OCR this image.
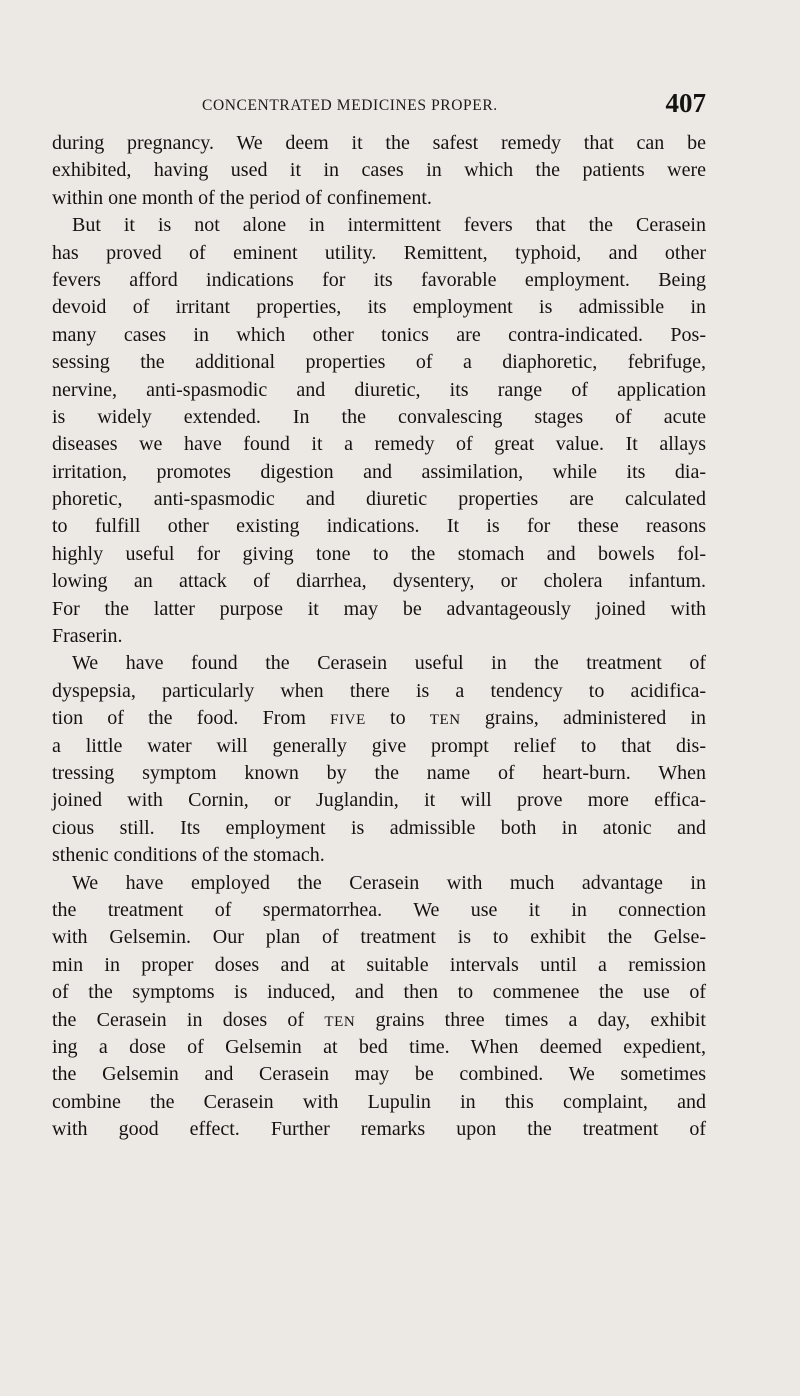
CONCENTRATED MEDICINES PROPER.	407
during pregnancy. We deem it the safest remedy that can be
exhibited, having used it in cases in which the patients were
within one month of the period of confinement.
But it is not alone in intermittent fevers that the Cerasein
has proved of eminent utility. Remittent, typhoid, and other
fevers afford indications for its favorable employment. Being
devoid of irritant properties, its employment is admissible in
many cases in which other tonics are contra-indicated. Pos-
sessing the additional properties of a diaphoretic, febrifuge,
nervine, anti-spasmodic and diuretic, its range of application
is widely extended. In the convalescing stages of acute
diseases we have found it a remedy of great value. It allays
irritation, promotes digestion and assimilation, while its dia-
phoretic, anti-spasmodic and diuretic properties are calculated
to fulfill other existing indications. It is for these reasons
highly useful for giving tone to the stomach and bowels fol-
lowing an attack of diarrhea, dysentery, or cholera infantum.
For the latter purpose it may be advantageously joined with
Fraserin.
We have found the Cerasein useful in the treatment of
dyspepsia, particularly when there is a tendency to acidifica-
tion of the food. From FIVE to TEN grains, administered in
a little water will generally give prompt relief to that dis-
tressing symptom known by the name of heart-burn. When
joined with Cornin, or Juglandin, it will prove more effica-
cious still. Its employment is admissible both in atonic and
sthenic conditions of the stomach.
We have employed the Cerasein with much advantage in
the treatment of spermatorrhea. We use it in connection
with Gelsemin. Our plan of treatment is to exhibit the Gelse-
min in proper doses and at suitable intervals until a remission
of the symptoms is induced, and then to commenee the use of
the Cerasein in doses of TEN grains three times a day, exhibit
ing a dose of Gelsemin at bed time. When deemed expedient,
the Gelsemin and Cerasein may be combined. We sometimes
combine the Cerasein with Lupulin in this complaint, and
with good effect. Further remarks upon the treatment of
